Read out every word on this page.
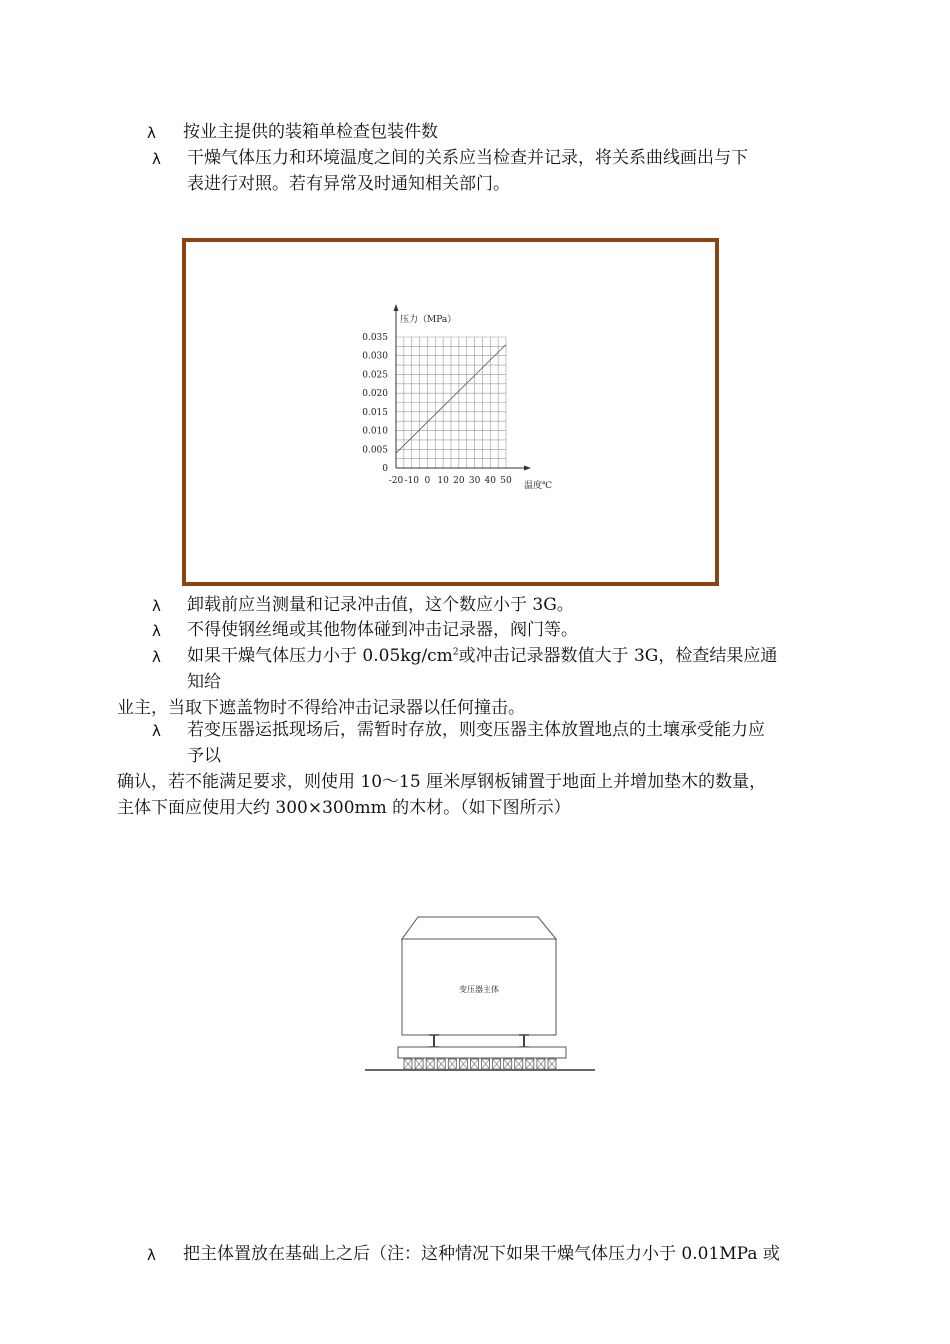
λ 按业主提供的装箱单检查包装件数
λ 干燥气体压力和环境温度之间的关系应当检查并记录，将关系曲线画出与下
表进行对照。若有异常及时通知相关部门。
-20 -10 0 10 20 30 40 50
0
0.005
0.010
0.015
0.020
0.025
0.030
0.035
压力（MPa）
温度℃
λ 卸载前应当测量和记录冲击值，这个数应小于 3G。
λ 不得使钢丝绳或其他物体碰到冲击记录器，阀门等。
λ 如果干燥气体压力小于 $0.05kg/cm^2$或冲击记录器数值大于 3G，检查结果应通
知给
业主，当取下遮盖物时不得给冲击记录器以任何撞击。
λ 若变压器运抵现场后，需暂时存放，则变压器主体放置地点的土壤承受能力应
予以
确认，若不能满足要求，则使用 10～15 厘米厚钢板铺置于地面上并增加垫木的数量，
主体下面应使用大约 300×300mm 的木材。（如下图所示）
变压器主体
λ 把主体置放在基础上之后（注：这种情况下如果干燥气体压力小于 0.01MPa 或
